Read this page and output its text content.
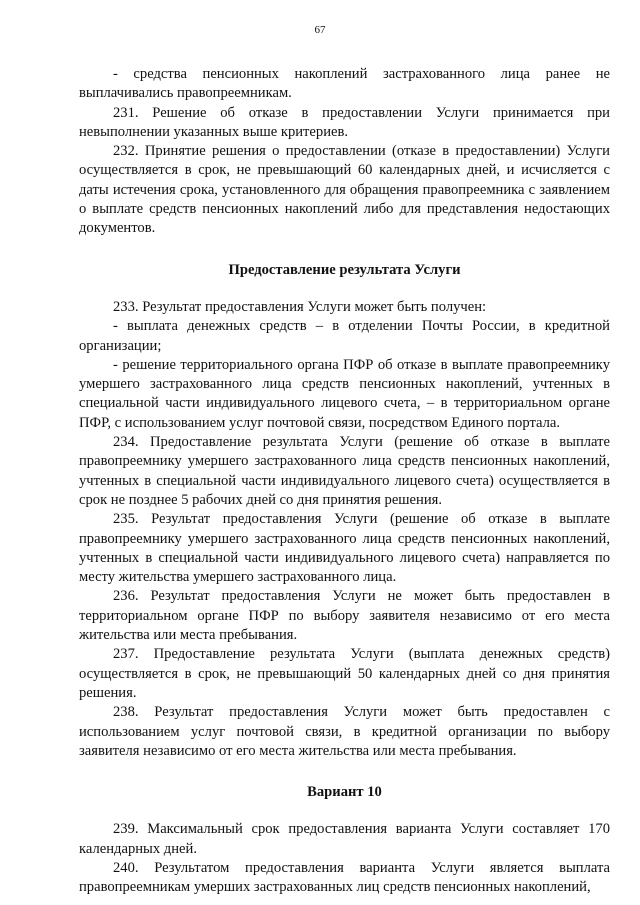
67

- средства пенсионных накоплений застрахованного лица ранее не выплачивались правопреемникам.

231. Решение об отказе в предоставлении Услуги принимается при невыполнении указанных выше критериев.

232. Принятие решения о предоставлении (отказе в предоставлении) Услуги осуществляется в срок, не превышающий 60 календарных дней, и исчисляется с даты истечения срока, установленного для обращения правопреемника с заявлением о выплате средств пенсионных накоплений либо для представления недостающих документов.

Предоставление результата Услуги

233. Результат предоставления Услуги может быть получен:

- выплата денежных средств – в отделении Почты России, в кредитной организации;

- решение территориального органа ПФР об отказе в выплате правопреемнику умершего застрахованного лица средств пенсионных накоплений, учтенных в специальной части индивидуального лицевого счета, – в территориальном органе ПФР, с использованием услуг почтовой связи, посредством Единого портала.

234. Предоставление результата Услуги (решение об отказе в выплате правопреемнику умершего застрахованного лица средств пенсионных накоплений, учтенных в специальной части индивидуального лицевого счета) осуществляется в срок не позднее 5 рабочих дней со дня принятия решения.

235. Результат предоставления Услуги (решение об отказе в выплате правопреемнику умершего застрахованного лица средств пенсионных накоплений, учтенных в специальной части индивидуального лицевого счета) направляется по месту жительства умершего застрахованного лица.

236. Результат предоставления Услуги не может быть предоставлен в территориальном органе ПФР по выбору заявителя независимо от его места жительства или места пребывания.

237. Предоставление результата Услуги (выплата денежных средств) осуществляется в срок, не превышающий 50 календарных дней со дня принятия решения.

238. Результат предоставления Услуги может быть предоставлен с использованием услуг почтовой связи, в кредитной организации по выбору заявителя независимо от его места жительства или места пребывания.

Вариант 10

239. Максимальный срок предоставления варианта Услуги составляет 170 календарных дней.

240. Результатом предоставления варианта Услуги является выплата правопреемникам умерших застрахованных лиц средств пенсионных накоплений,
